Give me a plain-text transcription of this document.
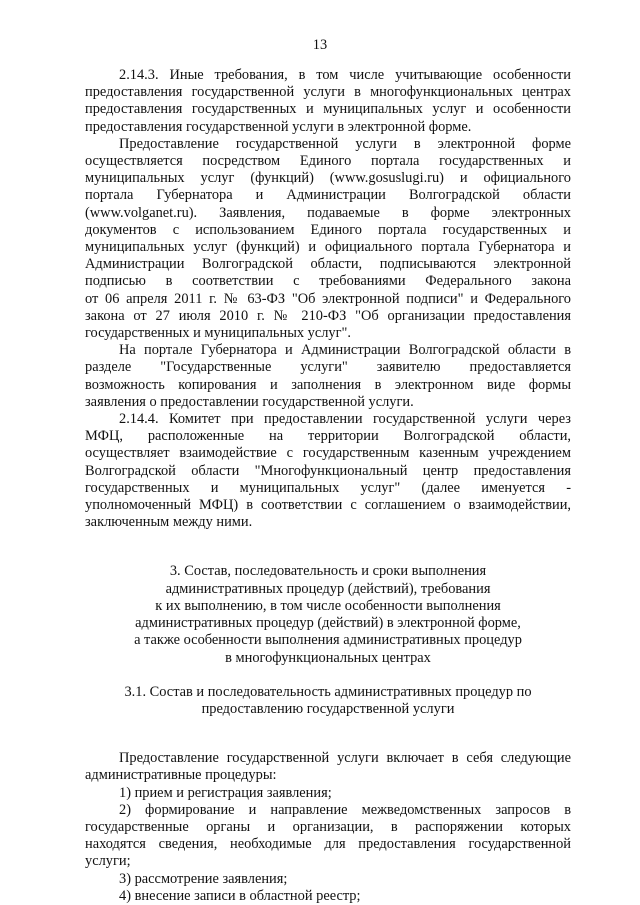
13
2.14.3. Иные требования, в том числе учитывающие особенности
предоставления государственной услуги в многофункциональных центрах
предоставления государственных и муниципальных услуг и особенности
предоставления государственной услуги в электронной форме.
Предоставление государственной услуги в электронной форме
осуществляется посредством Единого портала государственных и
муниципальных услуг (функций) (www.gosuslugi.ru) и официального
портала Губернатора и Администрации Волгоградской области
(www.volganet.ru). Заявления, подаваемые в форме электронных
документов с использованием Единого портала государственных и
муниципальных услуг (функций) и официального портала Губернатора и
Администрации Волгоградской области, подписываются электронной
подписью в соответствии с требованиями Федерального закона
от 06 апреля 2011 г. № 63-ФЗ "Об электронной подписи" и Федерального
закона от 27 июля 2010 г. № 210-ФЗ "Об организации предоставления
государственных и муниципальных услуг".
На портале Губернатора и Администрации Волгоградской области в
разделе "Государственные услуги" заявителю предоставляется
возможность копирования и заполнения в электронном виде формы
заявления о предоставлении государственной услуги.
2.14.4. Комитет при предоставлении государственной услуги через
МФЦ, расположенные на территории Волгоградской области,
осуществляет взаимодействие с государственным казенным учреждением
Волгоградской области "Многофункциональный центр предоставления
государственных и муниципальных услуг" (далее именуется -
уполномоченный МФЦ) в соответствии с соглашением о взаимодействии,
заключенным между ними.
3. Состав, последовательность и сроки выполнения
административных процедур (действий), требования
к их выполнению, в том числе особенности выполнения
административных процедур (действий) в электронной форме,
а также особенности выполнения административных процедур
в многофункциональных центрах
3.1. Состав и последовательность административных процедур по
предоставлению государственной услуги
Предоставление государственной услуги включает в себя следующие
административные процедуры:
1) прием и регистрация заявления;
2) формирование и направление межведомственных запросов в
государственные органы и организации, в распоряжении которых
находятся сведения, необходимые для предоставления государственной
услуги;
3) рассмотрение заявления;
4) внесение записи в областной реестр;
